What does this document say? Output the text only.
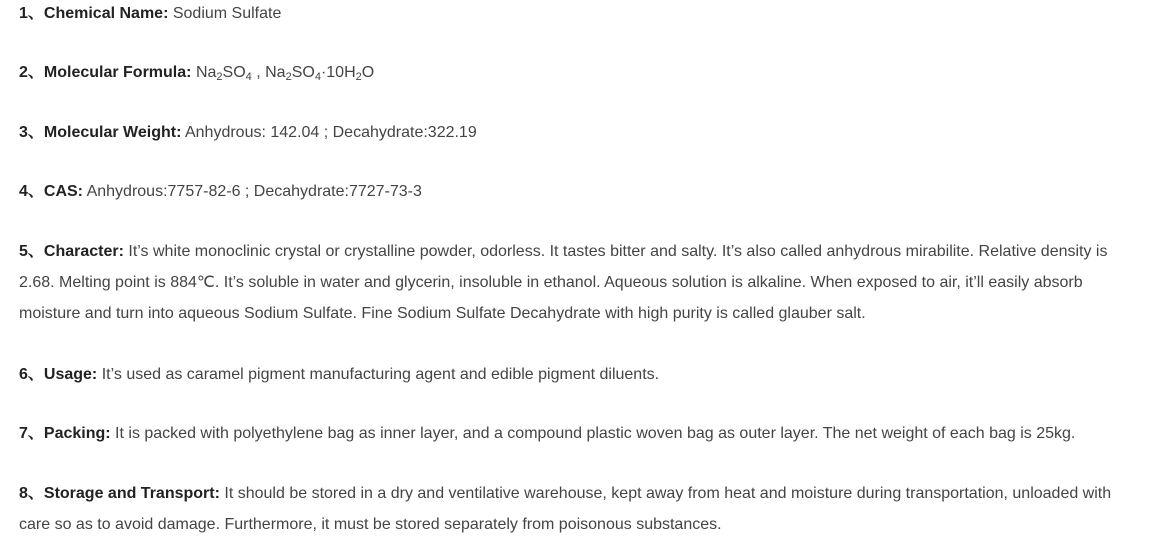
1、Chemical Name: Sodium Sulfate

2、Molecular Formula: $Na_2SO_4$ , $Na_2SO_4\cdot 10H_2O$

3、Molecular Weight: Anhydrous: 142.04 ; Decahydrate:322.19

4、CAS: Anhydrous:7757-82-6 ; Decahydrate:7727-73-3

5、Character: It’s white monoclinic crystal or crystalline powder, odorless. It tastes bitter and salty. It’s also called anhydrous mirabilite. Relative density is 2.68. Melting point is 884℃. It’s soluble in water and glycerin, insoluble in ethanol. Aqueous solution is alkaline. When exposed to air, it’ll easily absorb moisture and turn into aqueous Sodium Sulfate. Fine Sodium Sulfate Decahydrate with high purity is called glauber salt.

6、Usage: It’s used as caramel pigment manufacturing agent and edible pigment diluents.

7、Packing: It is packed with polyethylene bag as inner layer, and a compound plastic woven bag as outer layer. The net weight of each bag is 25kg.

8、Storage and Transport: It should be stored in a dry and ventilative warehouse, kept away from heat and moisture during transportation, unloaded with care so as to avoid damage. Furthermore, it must be stored separately from poisonous substances.
